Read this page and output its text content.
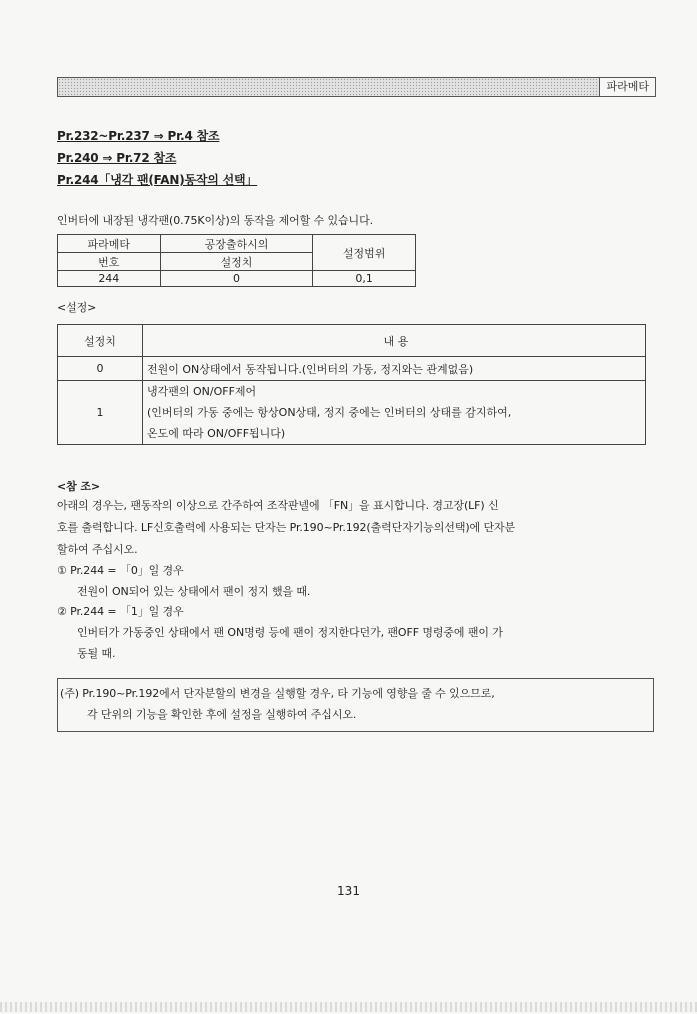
파라메타
Pr.232~Pr.237 ⇒ Pr.4 참조
Pr.240 ⇒ Pr.72 참조
Pr.244「냉각 팬(FAN)동작의 선택」
인버터에 내장된 냉각팬(0.75K이상)의 동작을 제어할 수 있습니다.
파라메타	공장출하시의	설정범위
번호	설정치	
244	0	0,1
<설정>
설정치	내 용
0	전원이 ON상태에서 동작됩니다.(인버터의 가동, 정지와는 관계없음)
1	냉각팬의 ON/OFF제어
(인버터의 가동 중에는 항상ON상태, 정지 중에는 인버터의 상태를 감지하여,
온도에 따라 ON/OFF됩니다)
<참 조>
아래의 경우는, 팬동작의 이상으로 간주하여 조작판넬에 「FN」을 표시합니다. 경고장(LF) 신
호를 출력합니다. LF신호출력에 사용되는 단자는 Pr.190~Pr.192(출력단자기능의선택)에 단자분
할하여 주십시오.
① Pr.244 = 「0」일 경우
전원이 ON되어 있는 상태에서 팬이 정지 했을 때.
② Pr.244 = 「1」일 경우
인버터가 가동중인 상태에서 팬 ON명령 등에 팬이 정지한다던가, 팬OFF 명령중에 팬이 가
동될 때.
(주) Pr.190~Pr.192에서 단자분할의 변경을 실행할 경우, 타 기능에 영향을 줄 수 있으므로,
각 단위의 기능을 확인한 후에 설정을 실행하여 주십시오.
131
